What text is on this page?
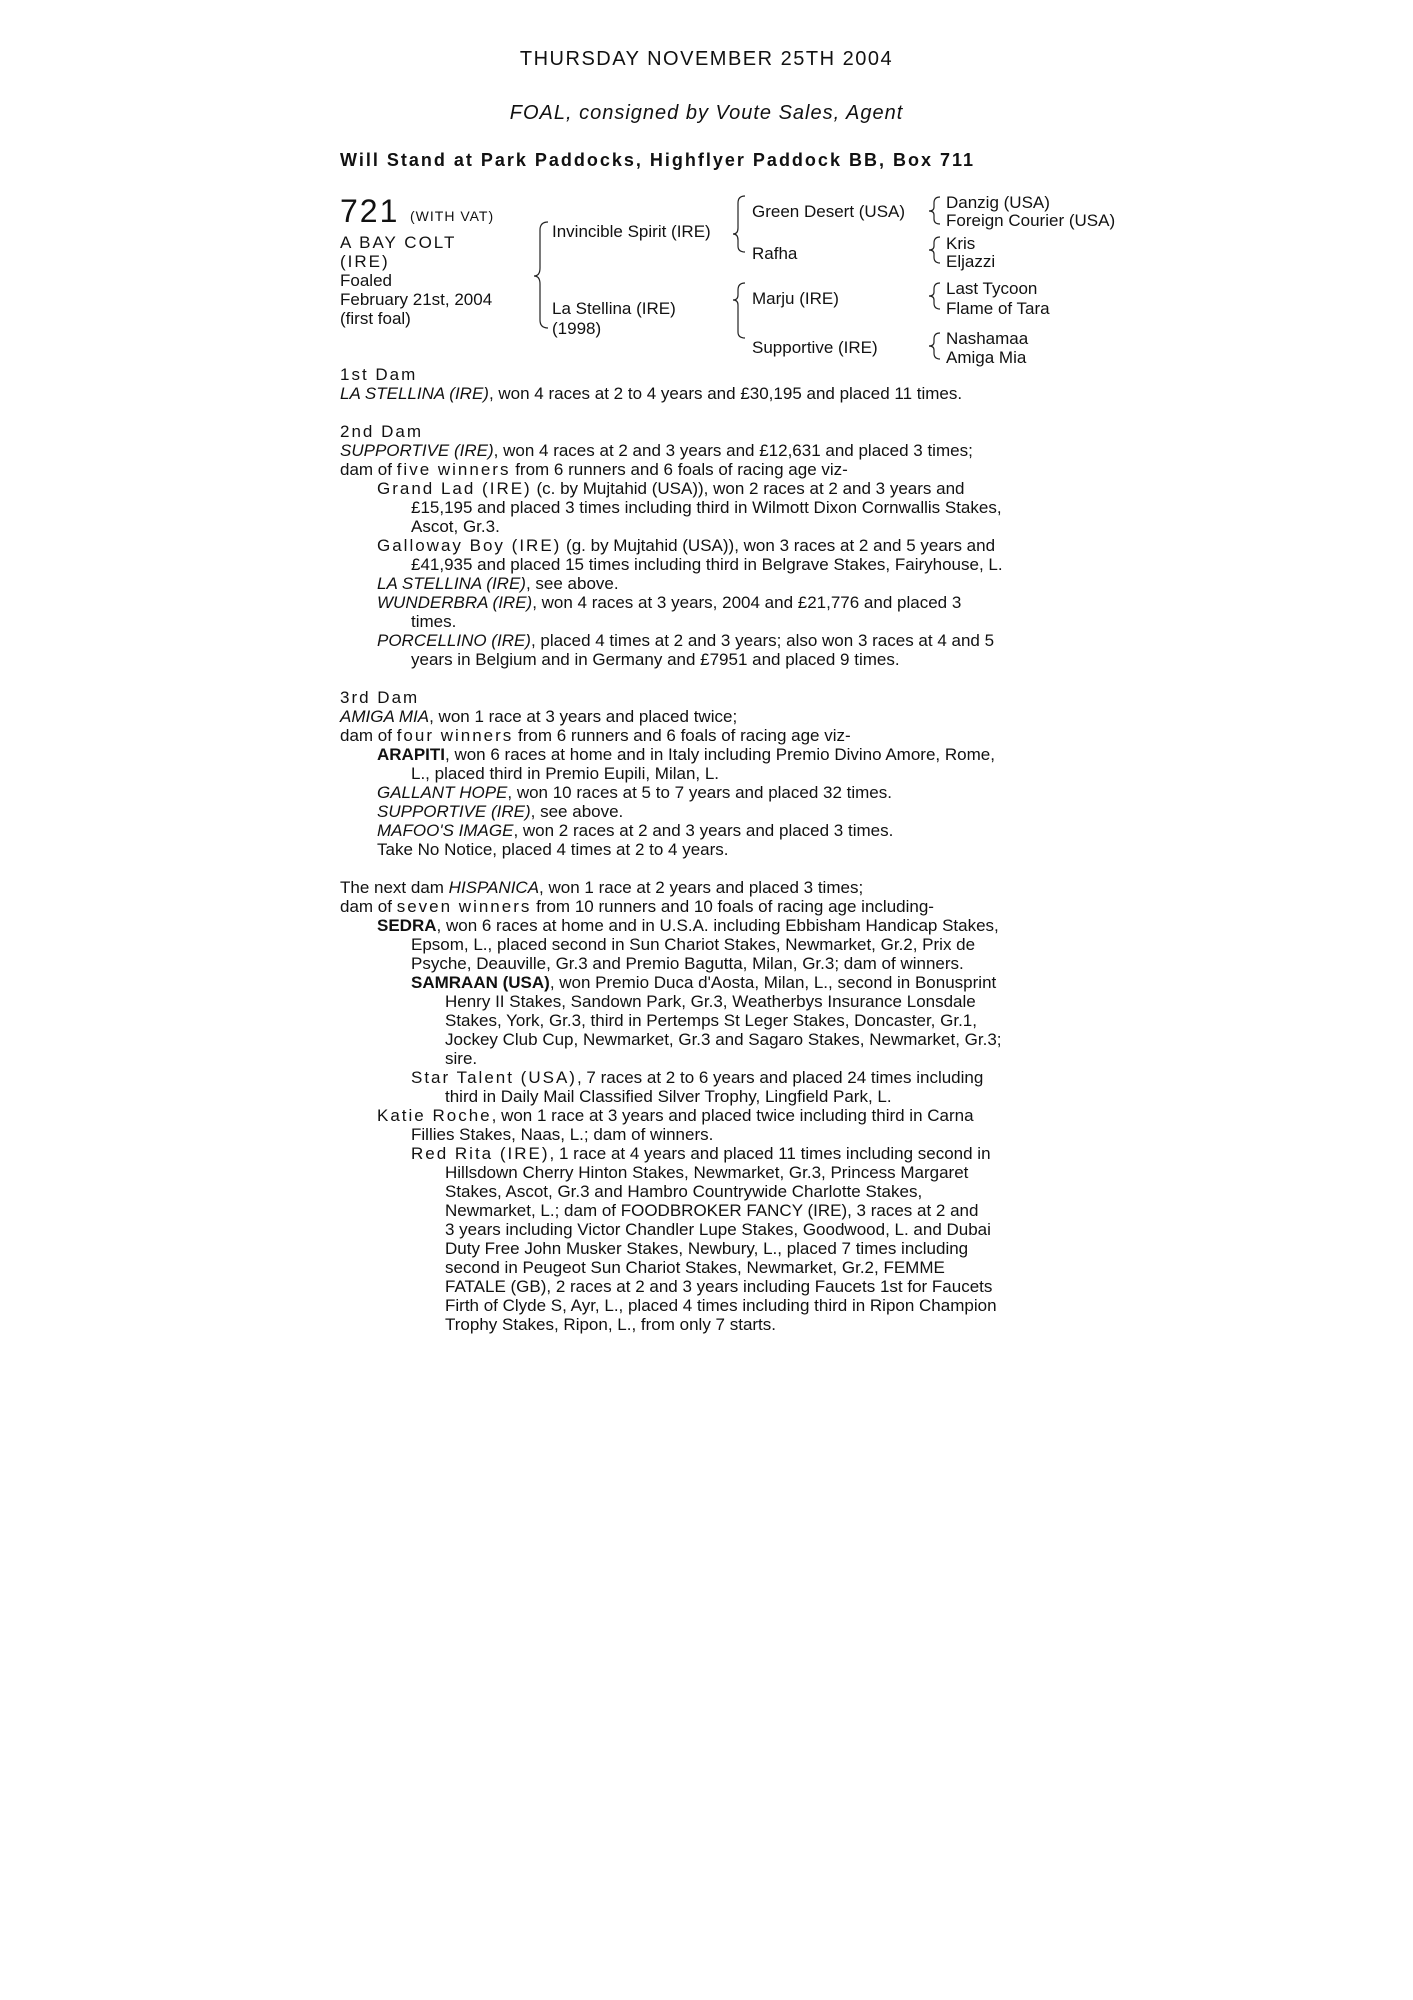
THURSDAY NOVEMBER 25TH 2004
FOAL, consigned by Voute Sales, Agent
Will Stand at Park Paddocks, Highflyer Paddock BB, Box 711
721 (WITH VAT)
A BAY COLT
(IRE)
Foaled
February 21st, 2004
(first foal)
Invincible Spirit (IRE)
La Stellina (IRE)
(1998)
Green Desert (USA)
Rafha
Marju (IRE)
Supportive (IRE)
Danzig (USA)
Foreign Courier (USA)
Kris
Eljazzi
Last Tycoon
Flame of Tara
Nashamaa
Amiga Mia
1st Dam
LA STELLINA (IRE), won 4 races at 2 to 4 years and £30,195 and placed 11 times.
2nd Dam
SUPPORTIVE (IRE), won 4 races at 2 and 3 years and £12,631 and placed 3 times;
dam of five winners from 6 runners and 6 foals of racing age viz-
Grand Lad (IRE) (c. by Mujtahid (USA)), won 2 races at 2 and 3 years and
£15,195 and placed 3 times including third in Wilmott Dixon Cornwallis Stakes,
Ascot, Gr.3.
Galloway Boy (IRE) (g. by Mujtahid (USA)), won 3 races at 2 and 5 years and
£41,935 and placed 15 times including third in Belgrave Stakes, Fairyhouse, L.
LA STELLINA (IRE), see above.
WUNDERBRA (IRE), won 4 races at 3 years, 2004 and £21,776 and placed 3
times.
PORCELLINO (IRE), placed 4 times at 2 and 3 years; also won 3 races at 4 and 5
years in Belgium and in Germany and £7951 and placed 9 times.
3rd Dam
AMIGA MIA, won 1 race at 3 years and placed twice;
dam of four winners from 6 runners and 6 foals of racing age viz-
ARAPITI, won 6 races at home and in Italy including Premio Divino Amore, Rome,
L., placed third in Premio Eupili, Milan, L.
GALLANT HOPE, won 10 races at 5 to 7 years and placed 32 times.
SUPPORTIVE (IRE), see above.
MAFOO'S IMAGE, won 2 races at 2 and 3 years and placed 3 times.
Take No Notice, placed 4 times at 2 to 4 years.
The next dam HISPANICA, won 1 race at 2 years and placed 3 times;
dam of seven winners from 10 runners and 10 foals of racing age including-
SEDRA, won 6 races at home and in U.S.A. including Ebbisham Handicap Stakes,
Epsom, L., placed second in Sun Chariot Stakes, Newmarket, Gr.2, Prix de
Psyche, Deauville, Gr.3 and Premio Bagutta, Milan, Gr.3; dam of winners.
SAMRAAN (USA), won Premio Duca d'Aosta, Milan, L., second in Bonusprint
Henry II Stakes, Sandown Park, Gr.3, Weatherbys Insurance Lonsdale
Stakes, York, Gr.3, third in Pertemps St Leger Stakes, Doncaster, Gr.1,
Jockey Club Cup, Newmarket, Gr.3 and Sagaro Stakes, Newmarket, Gr.3;
sire.
Star Talent (USA), 7 races at 2 to 6 years and placed 24 times including
third in Daily Mail Classified Silver Trophy, Lingfield Park, L.
Katie Roche, won 1 race at 3 years and placed twice including third in Carna
Fillies Stakes, Naas, L.; dam of winners.
Red Rita (IRE), 1 race at 4 years and placed 11 times including second in
Hillsdown Cherry Hinton Stakes, Newmarket, Gr.3, Princess Margaret
Stakes, Ascot, Gr.3 and Hambro Countrywide Charlotte Stakes,
Newmarket, L.; dam of FOODBROKER FANCY (IRE), 3 races at 2 and
3 years including Victor Chandler Lupe Stakes, Goodwood, L. and Dubai
Duty Free John Musker Stakes, Newbury, L., placed 7 times including
second in Peugeot Sun Chariot Stakes, Newmarket, Gr.2, FEMME
FATALE (GB), 2 races at 2 and 3 years including Faucets 1st for Faucets
Firth of Clyde S, Ayr, L., placed 4 times including third in Ripon Champion
Trophy Stakes, Ripon, L., from only 7 starts.
